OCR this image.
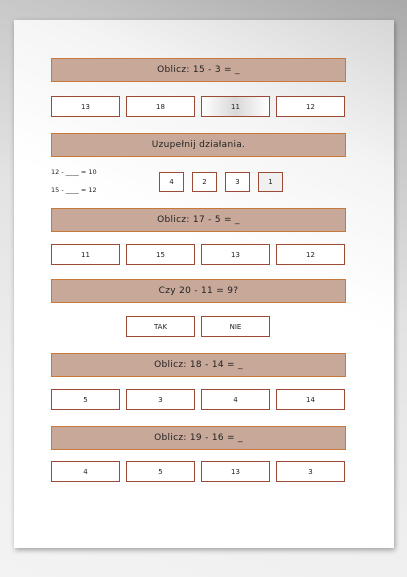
Oblicz: 15 - 3 = _
13	18	11	12
Uzupełnij działania.
12 - ____ = 10
15 - ____ = 12
4	2	3	1
Oblicz: 17 - 5 = _
11	15	13	12
Czy 20 - 11 = 9?
TAK	NIE
Oblicz: 18 - 14 = _
5	3	4	14
Oblicz: 19 - 16 = _
4	5	13	3
